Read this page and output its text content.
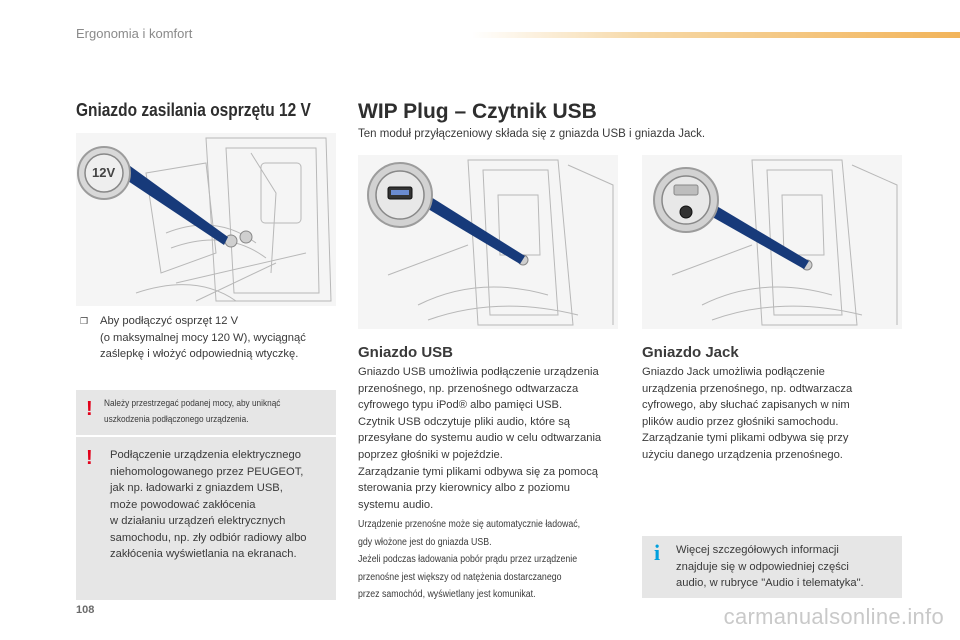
Ergonomia i komfort
Gniazdo zasilania osprzętu 12 V
12V
❒	Aby podłączyć osprzęt 12 V
(o maksymalnej mocy 120 W), wyciągnąć
zaślepkę i włożyć odpowiednią wtyczkę.
! Należy przestrzegać podanej mocy, aby uniknąć
uszkodzenia podłączonego urządzenia.
! Podłączenie urządzenia elektrycznego

niehomologowanego przez PEUGEOT,

jak np. ładowarki z gniazdem USB,

może powodować zakłócenia

w działaniu urządzeń elektrycznych

samochodu, np. zły odbiór radiowy albo

zakłócenia wyświetlania na ekranach.

WIP Plug – Czytnik USB
Ten moduł przyłączeniowy składa się z gniazda USB i gniazda Jack.
Gniazdo USB

Gniazdo USB umożliwia podłączenie urządzenia

przenośnego, np. przenośnego odtwarzacza

cyfrowego typu iPod® albo pamięci USB.

Czytnik USB odczytuje pliki audio, które są

przesyłane do systemu audio w celu odtwarzania

poprzez głośniki w pojeździe.

Zarządzanie tymi plikami odbywa się za pomocą

sterowania przy kierownicy albo z poziomu

systemu audio.

Urządzenie przenośne może się automatycznie ładować,
gdy włożone jest do gniazda USB.
Jeżeli podczas ładowania pobór prądu przez urządzenie
przenośne jest większy od natężenia dostarczanego
przez samochód, wyświetlany jest komunikat.
Gniazdo Jack

Gniazdo Jack umożliwia podłączenie

urządzenia przenośnego, np. odtwarzacza

cyfrowego, aby słuchać zapisanych w nim

plików audio przez głośniki samochodu.

Zarządzanie tymi plikami odbywa się przy

użyciu danego urządzenia przenośnego.

i Więcej szczegółowych informacji

znajduje się w odpowiedniej części

audio, w rubryce "Audio i telematyka".

108	carmanualsonline.info
